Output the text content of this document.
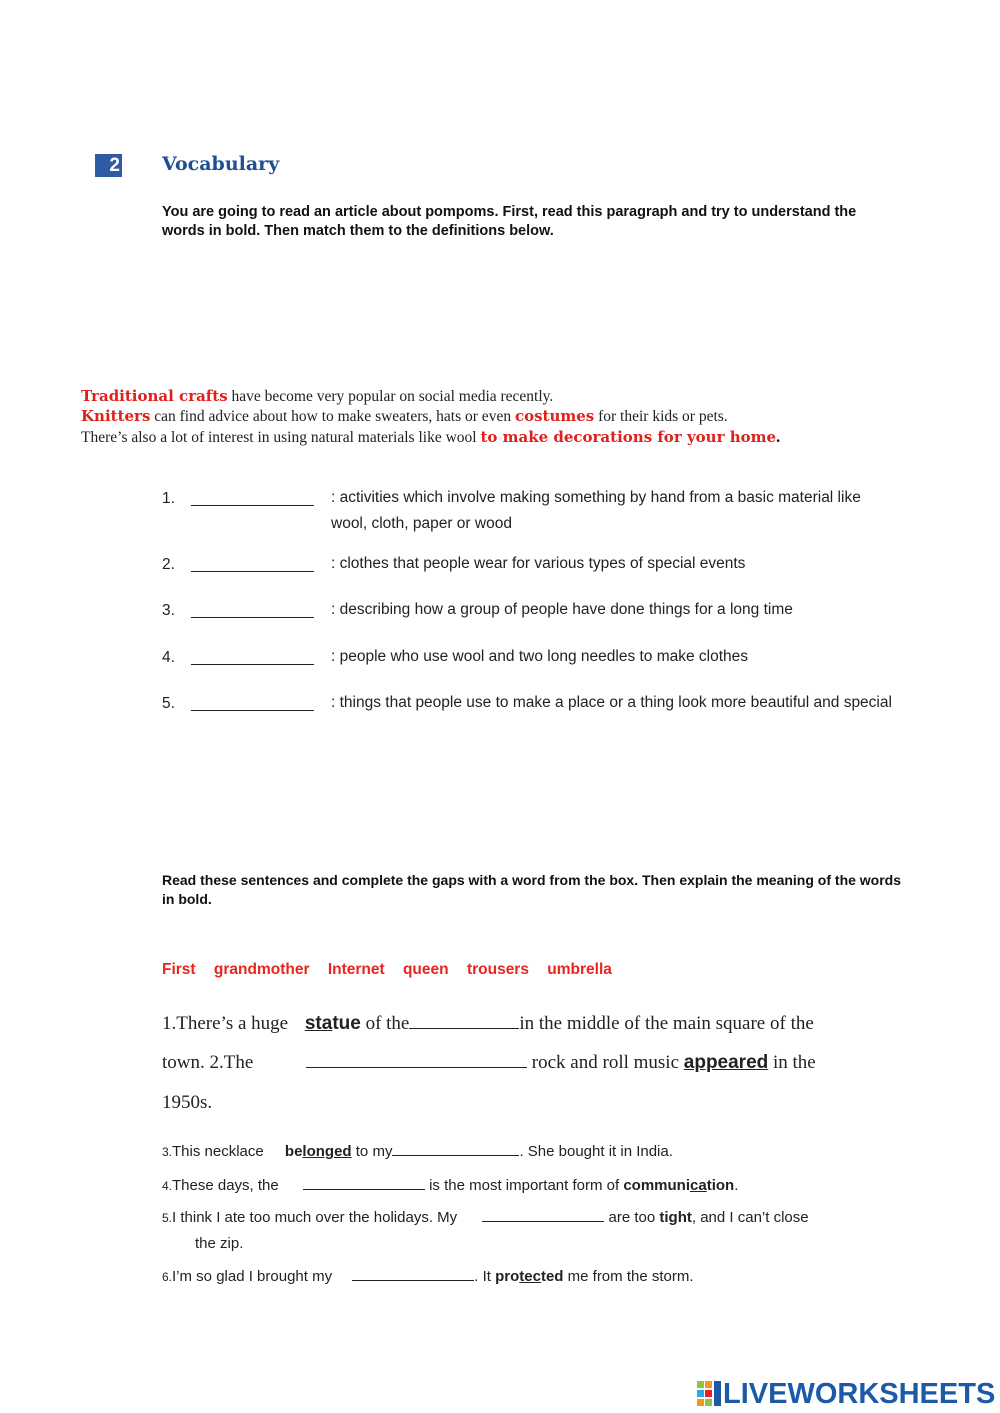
2 Vocabulary
You are going to read an article about pompoms. First, read this paragraph and try to understand the words in bold. Then match them to the definitions below.
Traditional crafts have become very popular on social media recently.
Knitters can find advice about how to make sweaters, hats or even costumes for their kids or pets.
There’s also a lot of interest in using natural materials like wool to make decorations for your home.
1.	: activities which involve making something by hand from a basic material like wool, cloth, paper or wood
2.	: clothes that people wear for various types of special events
3.	: describing how a group of people have done things for a long time
4.	: people who use wool and two long needles to make clothes
5.	: things that people use to make a place or a thing look more beautiful and special
Read these sentences and complete the gaps with a word from the box. Then explain the meaning of the words in bold.
First grandmother Internet queen trousers umbrella
1.There’s a huge statue of the	in the middle of the main square of the
town. 2.The	rock and roll music appeared in the
1950s.
3.This necklace belonged to my	. She bought it in India.
4.These days, the	is the most important form of communication.
5.I think I ate too much over the holidays. My	are too tight, and I can’t close
the zip.
6.I’m so glad I brought my	. It protected me from the storm.
LIVEWORKSHEETS
